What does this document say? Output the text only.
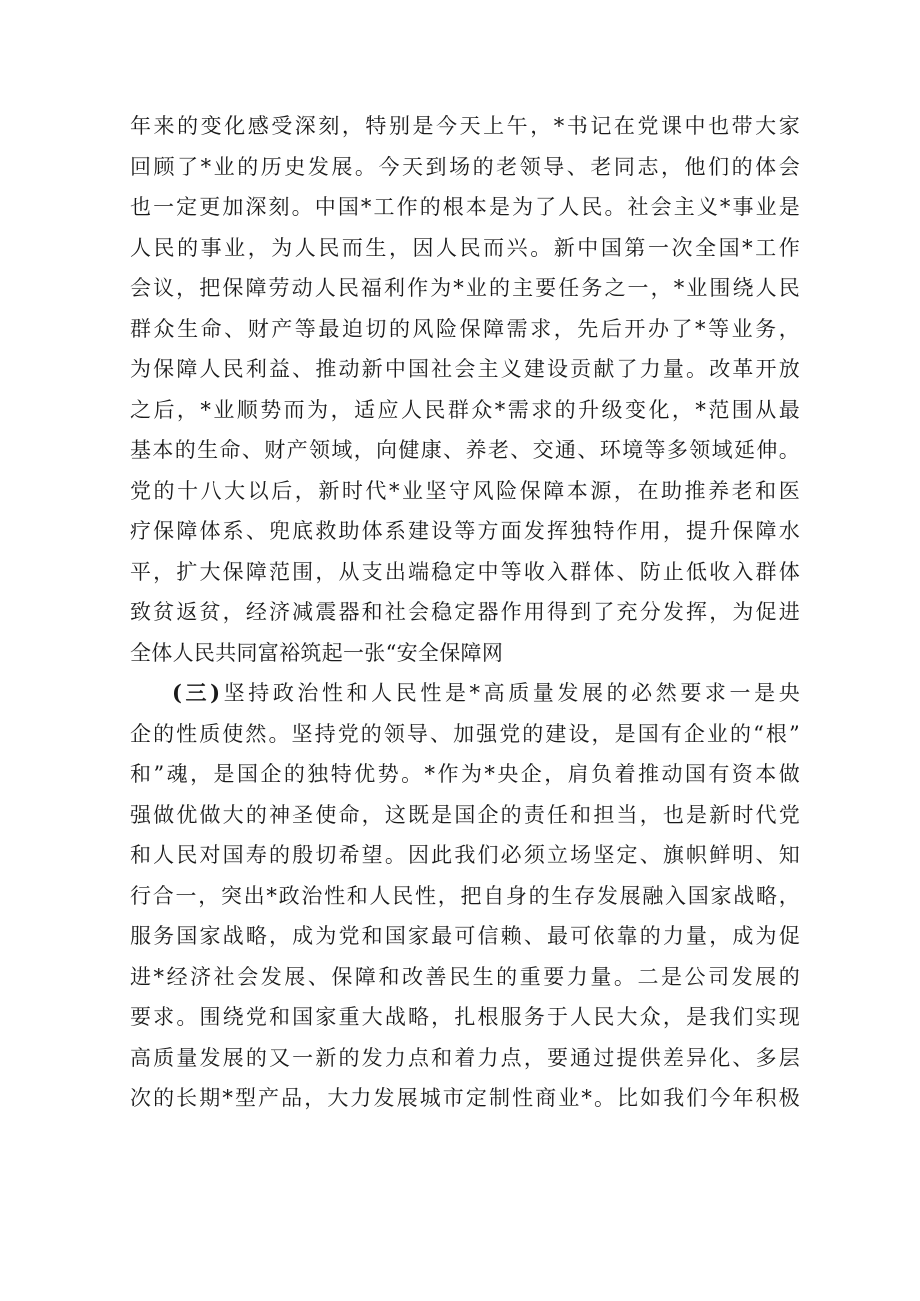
年来的变化感受深刻，特别是今天上午，*书记在党课中也带大家
回顾了*业的历史发展。今天到场的老领导、老同志，他们的体会
也一定更加深刻。中国*工作的根本是为了人民。社会主义*事业是
人民的事业，为人民而生，因人民而兴。新中国第一次全国*工作
会议，把保障劳动人民福利作为*业的主要任务之一，*业围绕人民
群众生命、财产等最迫切的风险保障需求，先后开办了*等业务，
为保障人民利益、推动新中国社会主义建设贡献了力量。改革开放
之后，*业顺势而为，适应人民群众*需求的升级变化，*范围从最
基本的生命、财产领域，向健康、养老、交通、环境等多领域延伸。
党的十八大以后，新时代*业坚守风险保障本源，在助推养老和医
疗保障体系、兜底救助体系建设等方面发挥独特作用，提升保障水
平，扩大保障范围，从支出端稳定中等收入群体、防止低收入群体
致贫返贫，经济减震器和社会稳定器作用得到了充分发挥，为促进
全体人民共同富裕筑起一张“安全保障网

(三)坚持政治性和人民性是*高质量发展的必然要求一是央
企的性质使然。坚持党的领导、加强党的建设，是国有企业的“根”
和”魂，是国企的独特优势。*作为*央企，肩负着推动国有资本做
强做优做大的神圣使命，这既是国企的责任和担当，也是新时代党
和人民对国寿的殷切希望。因此我们必须立场坚定、旗帜鲜明、知
行合一，突出*政治性和人民性，把自身的生存发展融入国家战略，
服务国家战略，成为党和国家最可信赖、最可依靠的力量，成为促
进*经济社会发展、保障和改善民生的重要力量。二是公司发展的
要求。围绕党和国家重大战略，扎根服务于人民大众，是我们实现
高质量发展的又一新的发力点和着力点，要通过提供差异化、多层
次的长期*型产品，大力发展城市定制性商业*。比如我们今年积极
